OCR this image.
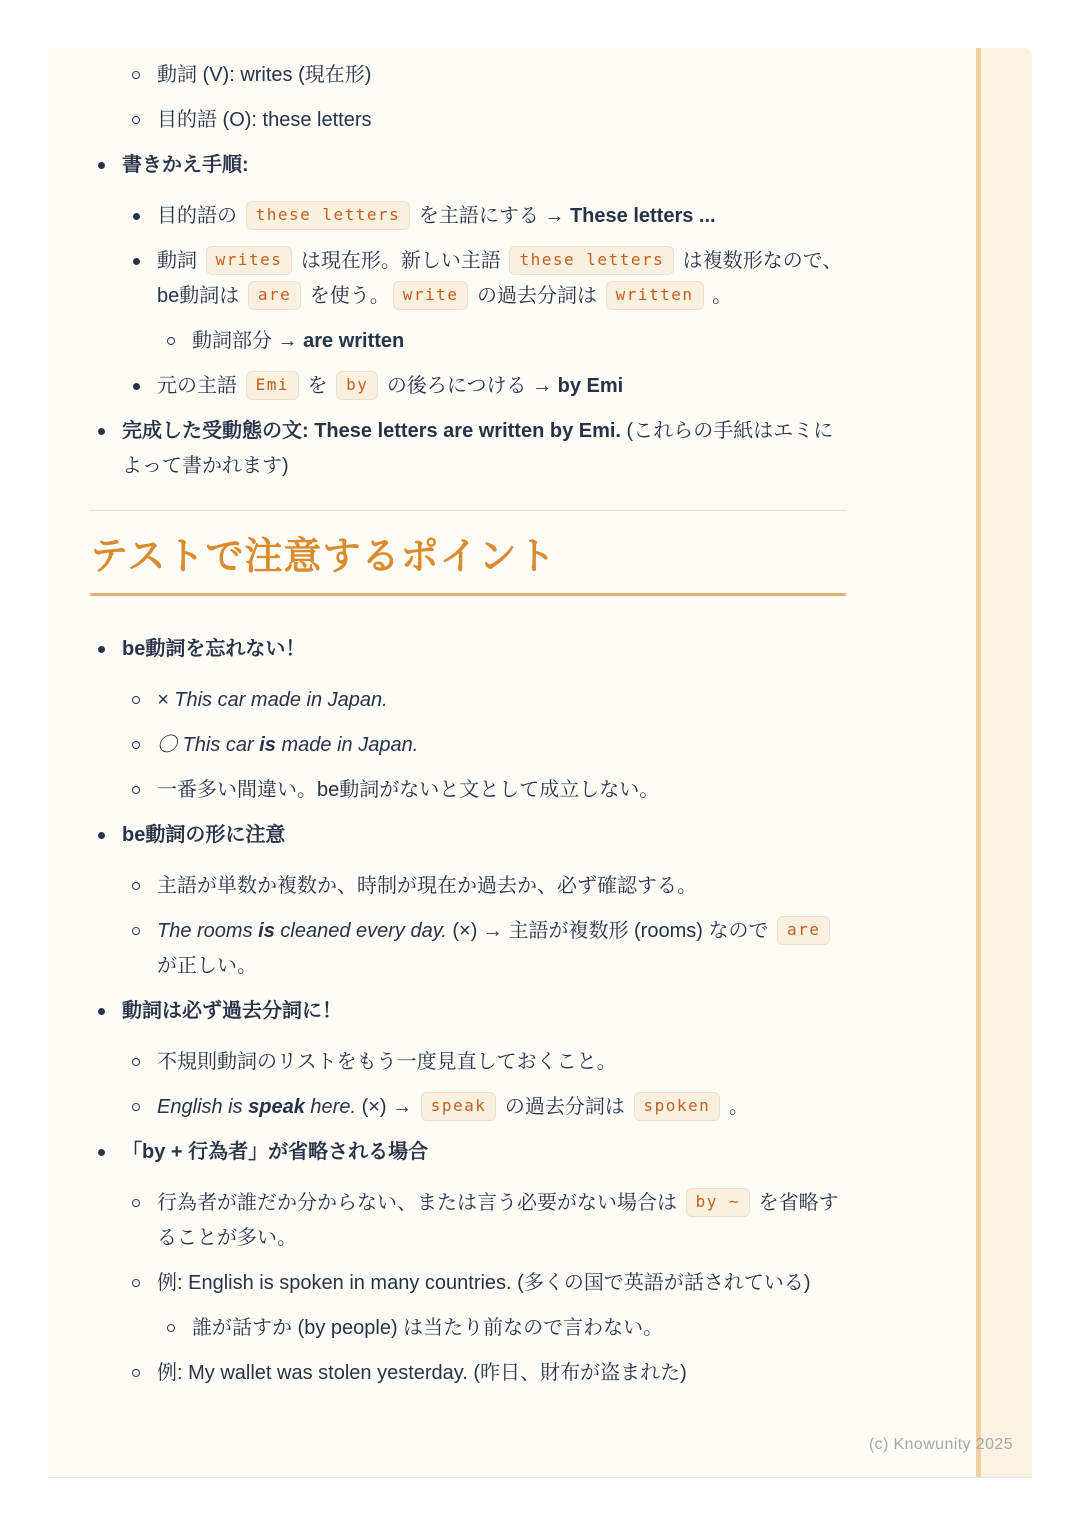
動詞 (V): writes (現在形)
目的語 (O): these letters
書きかえ手順:
目的語の these letters を主語にする → These letters ...
動詞 writes は現在形。新しい主語 these letters は複数形なので、be動詞は are を使う。 write の過去分詞は written 。
動詞部分 → are written
元の主語 Emi を by の後ろにつける → by Emi
完成した受動態の文: These letters are written by Emi. (これらの手紙はエミによって書かれます)
テストで注意するポイント
be動詞を忘れない！
× This car made in Japan.
〇 This car is made in Japan.
一番多い間違い。be動詞がないと文として成立しない。
be動詞の形に注意
主語が単数か複数か、時制が現在か過去か、必ず確認する。
The rooms is cleaned every day. (×) → 主語が複数形 (rooms) なので are が正しい。
動詞は必ず過去分詞に！
不規則動詞のリストをもう一度見直しておくこと。
English is speak here. (×) → speak の過去分詞は spoken 。
「by + 行為者」が省略される場合
行為者が誰だか分からない、または言う必要がない場合は by ~ を省略することが多い。
例: English is spoken in many countries. (多くの国で英語が話されている)
誰が話すか (by people) は当たり前なので言わない。
例: My wallet was stolen yesterday. (昨日、財布が盗まれた)
(c) Knowunity 2025
